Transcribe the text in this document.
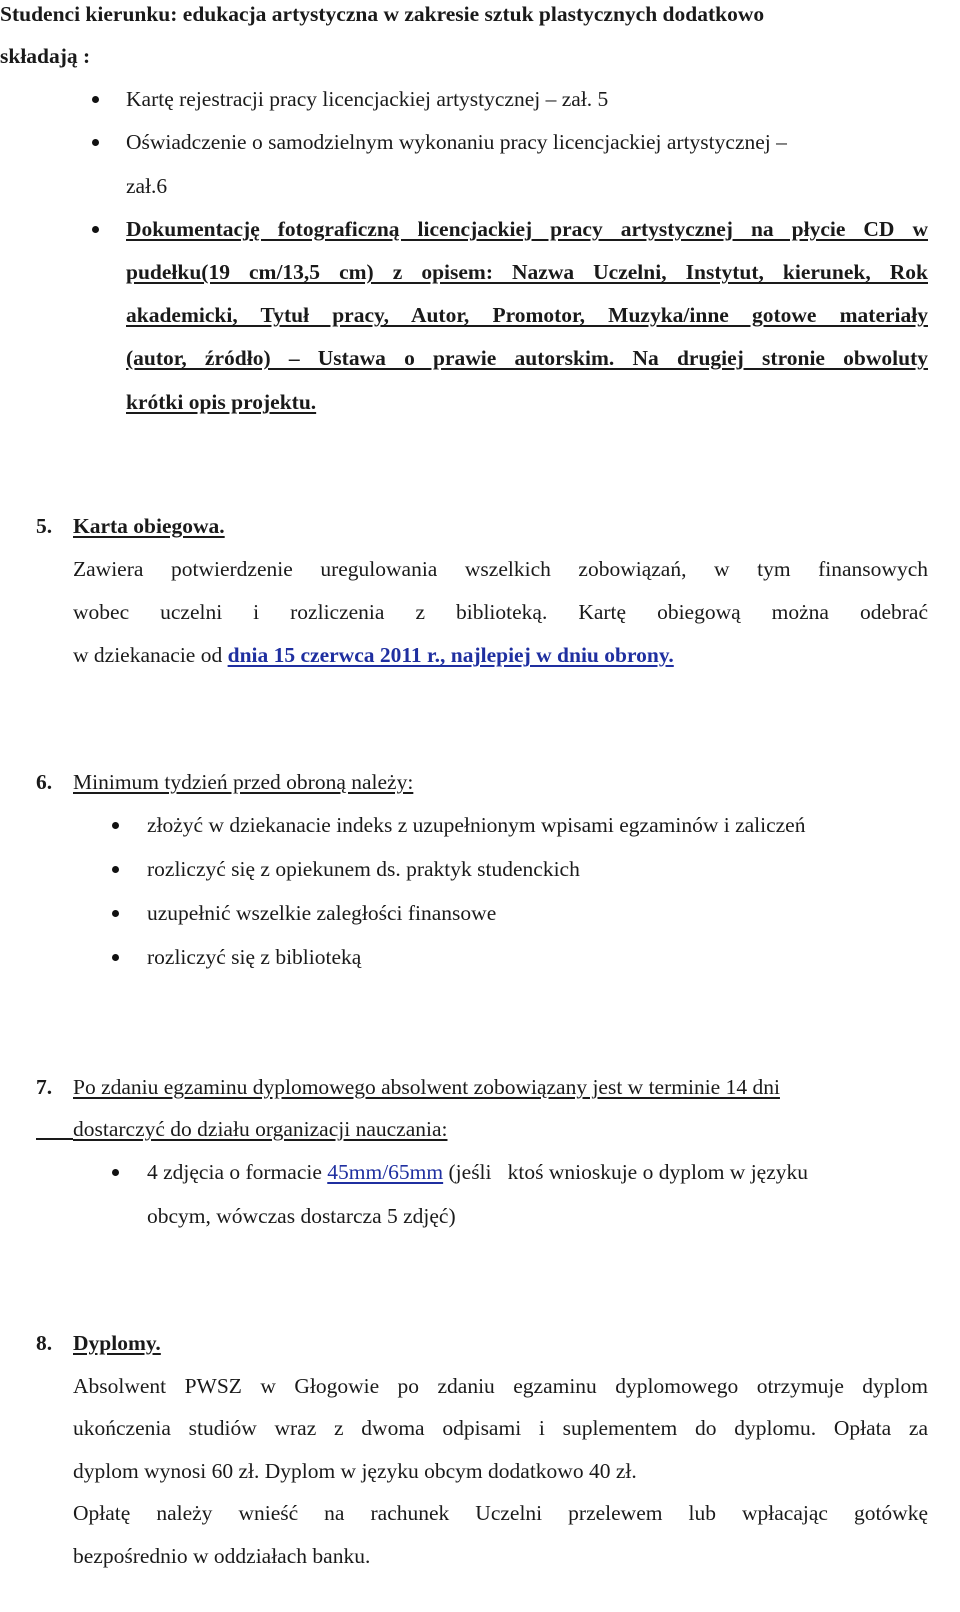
Studenci kierunku: edukacja artystyczna w zakresie sztuk plastycznych dodatkowo
składają :
Kartę rejestracji pracy licencjackiej artystycznej – zał. 5
Oświadczenie o samodzielnym wykonaniu pracy licencjackiej artystycznej –
zał.6
Dokumentację fotograficzną licencjackiej pracy artystycznej na płycie CD w
pudełku(19 cm/13,5 cm) z opisem: Nazwa Uczelni, Instytut, kierunek, Rok
akademicki, Tytuł pracy, Autor, Promotor, Muzyka/inne gotowe materiały
(autor, źródło) – Ustawa o prawie autorskim. Na drugiej stronie obwoluty
krótki opis projektu.
5. Karta obiegowa.
Zawiera potwierdzenie uregulowania wszelkich zobowiązań, w tym finansowych
wobec uczelni i rozliczenia z biblioteką. Kartę obiegową można odebrać
w dziekanacie od dnia 15 czerwca 2011 r., najlepiej w dniu obrony.
6. Minimum tydzień przed obroną należy:
złożyć w dziekanacie indeks z uzupełnionym wpisami egzaminów i zaliczeń
rozliczyć się z opiekunem ds. praktyk studenckich
uzupełnić wszelkie zaległości finansowe
rozliczyć się z biblioteką
7. Po zdaniu egzaminu dyplomowego absolwent zobowiązany jest w terminie 14 dni
dostarczyć do działu organizacji nauczania:
4 zdjęcia o formacie 45mm/65mm (jeśli   ktoś wnioskuje o dyplom w języku
obcym, wówczas dostarcza 5 zdjęć)
8. Dyplomy.
Absolwent PWSZ w Głogowie po zdaniu egzaminu dyplomowego otrzymuje dyplom
ukończenia studiów wraz z dwoma odpisami i suplementem do dyplomu. Opłata za
dyplom wynosi 60 zł. Dyplom w języku obcym dodatkowo 40 zł.
Opłatę należy wnieść na rachunek Uczelni przelewem lub wpłacając gotówkę
bezpośrednio w oddziałach banku.
